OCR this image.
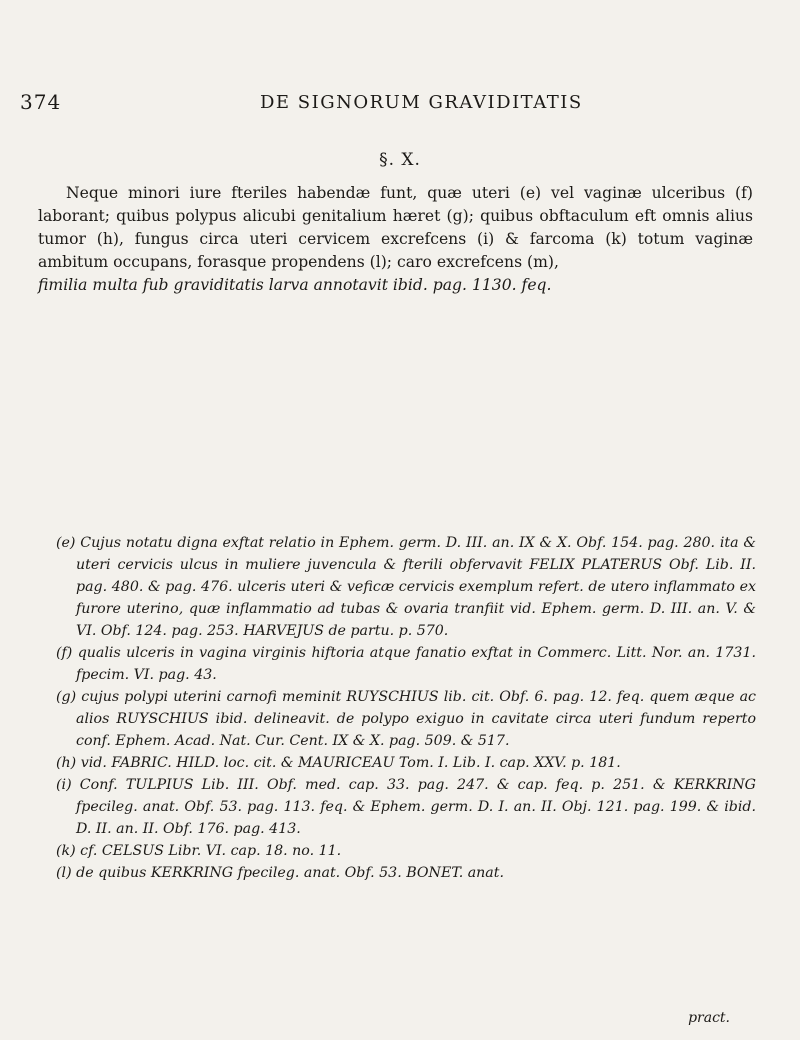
374	DE SIGNORUM GRAVIDITATIS
§. X.

Neque minori iure fteriles habendæ funt, quæ uteri (e) vel vaginæ ulceribus (f) laborant; quibus polypus alicubi genitalium hæret (g); quibus obftaculum eft omnis alius tumor (h), fungus circa uteri cervicem excrefcens (i) & farcoma (k) totum vaginæ ambitum occupans, forasque propendens (l); caro excrefcens (m),

fimilia multa fub graviditatis larva annotavit ibid. pag. 1130. feq.

(e) Cujus notatu digna exftat relatio in Ephem. germ. D. III. an. IX & X. Obf. 154. pag. 280. ita & uteri cervicis ulcus in muliere juvencula & fterili obfervavit FELIX PLATERUS Obf. Lib. II. pag. 480. & pag. 476. ulceris uteri & veficæ cervicis exemplum refert. de utero inflammato ex furore uterino, quæ inflammatio ad tubas & ovaria tranfiit vid. Ephem. germ. D. III. an. V. & VI. Obf. 124. pag. 253. HARVEJUS de partu. p. 570.

(f) qualis ulceris in vagina virginis hiftoria atque fanatio exftat in Commerc. Litt. Nor. an. 1731. fpecim. VI. pag. 43.

(g) cujus polypi uterini carnofi meminit RUYSCHIUS lib. cit. Obf. 6. pag. 12. feq. quem æque ac alios RUYSCHIUS ibid. delineavit. de polypo exiguo in cavitate circa uteri fundum reperto conf. Ephem. Acad. Nat. Cur. Cent. IX & X. pag. 509. & 517.

(h) vid. FABRIC. HILD. loc. cit. & MAURICEAU Tom. I. Lib. I. cap. XXV. p. 181.

(i) Conf. TULPIUS Lib. III. Obf. med. cap. 33. pag. 247. & cap. feq. p. 251. & KERKRING fpecileg. anat. Obf. 53. pag. 113. feq. & Ephem. germ. D. I. an. II. Obj. 121. pag. 199. & ibid. D. II. an. II. Obf. 176. pag. 413.

(k) cf. CELSUS Libr. VI. cap. 18. no. 11.

(l) de quibus KERKRING fpecileg. anat. Obf. 53. BONET. anat.

pract.
